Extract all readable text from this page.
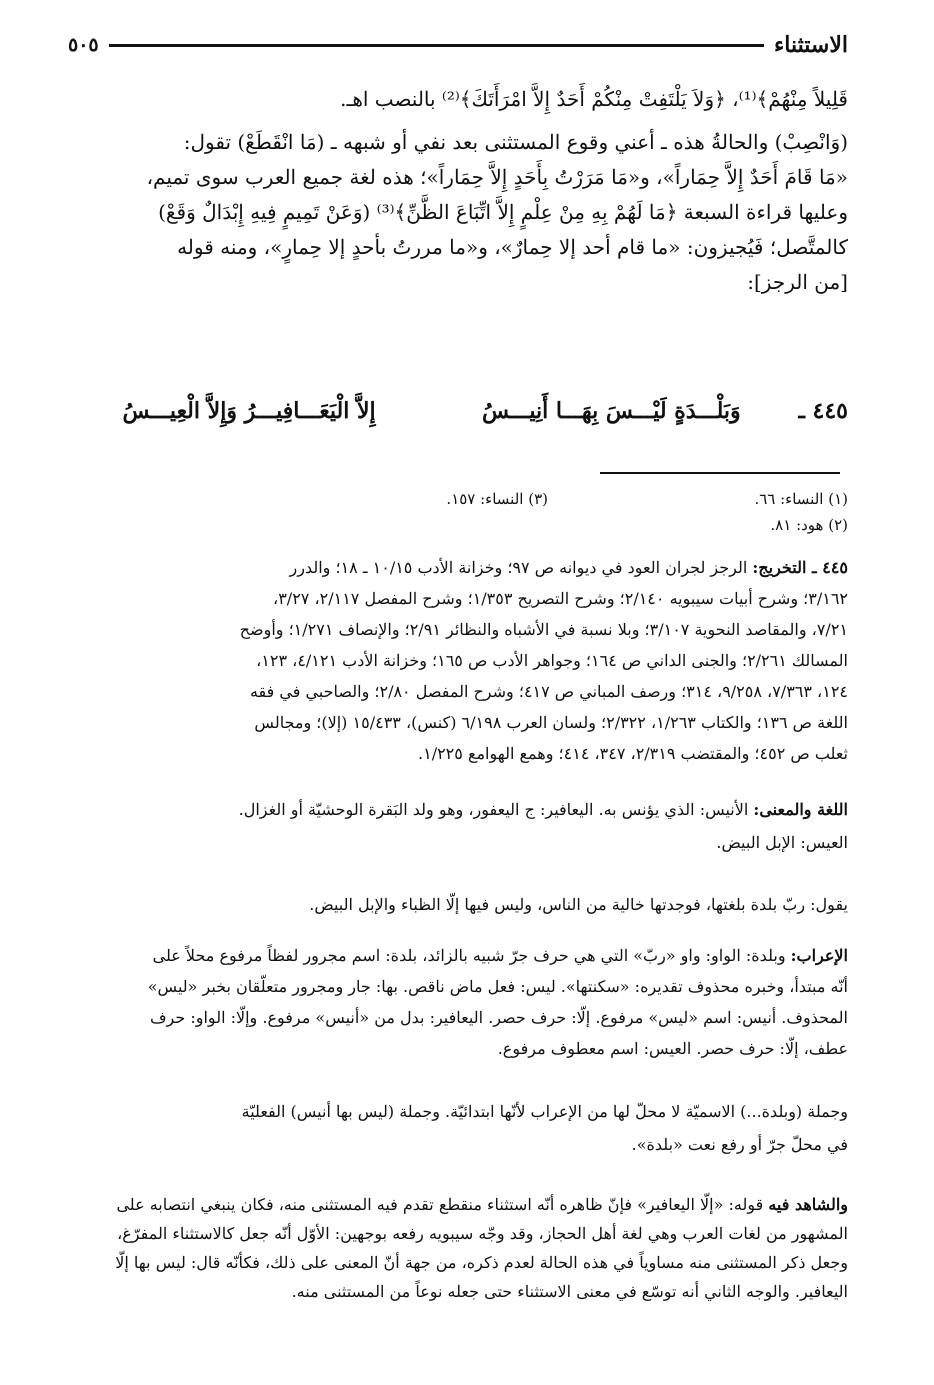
٥٠٥	الاستثناء
قَلِيلاً مِنْهُمْ﴾⁽¹⁾، ﴿وَلاَ يَلْتَفِتْ مِنْكُمْ أَحَدٌ إِلاَّ امْرَأَتَكَ﴾⁽²⁾ بالنصب اهـ.
(وَانْصِبْ) والحالةُ هذه ـ أعني وقوع المستثنى بعد نفي أو شبهه ـ (مَا انْقَطَعْ) تقول:
«مَا قَامَ أَحَدٌ إِلاَّ حِمَاراً»، و«مَا مَرَرْتُ بِأَحَدٍ إِلاَّ حِمَاراً»؛ هذه لغة جميع العرب سوى تميم،
وعليها قراءة السبعة ﴿مَا لَهُمْ بِهِ مِنْ عِلْمٍ إِلاَّ اتِّبَاعَ الظَّنِّ﴾⁽³⁾ (وَعَنْ تَمِيمٍ فِيهِ إِبْدَالٌ وَقَعْ)
كالمتَّصل؛ فَيُجيزون: «ما قام أحد إلا حِمارٌ»، و«ما مررتُ بأحدٍ إلا حِمارٍ»، ومنه قوله
[من الرجز]:
٤٤٥ ـ
وَبَلْـــدَةٍ لَيْـــسَ بِهَـــا أَنِيـــسُ
إِلاَّ الْيَعَـــافِيـــرُ وَإِلاَّ الْعِيـــسُ
(١) النساء: ٦٦.
(٣) النساء: ١٥٧.
(٢) هود: ٨١.
٤٤٥ ـ التخريج: الرجز لجران العود في ديوانه ص ٩٧؛ وخزانة الأدب ١٠/١٥ ـ ١٨؛ والدرر
٣/١٦٢؛ وشرح أبيات سيبويه ٢/١٤٠؛ وشرح التصريح ١/٣٥٣؛ وشرح المفصل ٢/١١٧، ٣/٢٧،
٧/٢١، والمقاصد النحوية ٣/١٠٧؛ وبلا نسبة في الأشباه والنظائر ٢/٩١؛ والإنصاف ١/٢٧١؛ وأوضح
المسالك ٢/٢٦١؛ والجنى الداني ص ١٦٤؛ وجواهر الأدب ص ١٦٥؛ وخزانة الأدب ٤/١٢١، ١٢٣،
١٢٤، ٧/٣٦٣، ٩/٢٥٨، ٣١٤؛ ورصف المباني ص ٤١٧؛ وشرح المفصل ٢/٨٠؛ والصاحبي في فقه
اللغة ص ١٣٦؛ والكتاب ١/٢٦٣، ٢/٣٢٢؛ ولسان العرب ٦/١٩٨ (كنس)، ١٥/٤٣٣ (إلا)؛ ومجالس
ثعلب ص ٤٥٢؛ والمقتضب ٢/٣١٩، ٣٤٧، ٤١٤؛ وهمع الهوامع ١/٢٢٥.
اللغة والمعنى: الأنيس: الذي يؤنس به. اليعافير: ج اليعفور، وهو ولد البَقرة الوحشيّة أو الغزال.
العيس: الإبل البيض.
يقول: ربّ بلدة بلغتها، فوجدتها خالية من الناس، وليس فيها إلّا الظباء والإبل البيض.
الإعراب: وبلدة: الواو: واو «ربّ» التي هي حرف جرّ شبيه بالزائد، بلدة: اسم مجرور لفظاً مرفوع محلاً على
أنّه مبتدأ، وخبره محذوف تقديره: «سكنتها». ليس: فعل ماض ناقص. بها: جار ومجرور متعلّقان بخبر «ليس»
المحذوف. أنيس: اسم «ليس» مرفوع. إلّا: حرف حصر. اليعافير: بدل من «أنيس» مرفوع. وإلّا: الواو: حرف
عطف، إلّا: حرف حصر. العيس: اسم معطوف مرفوع.
وجملة (وبلدة...) الاسميّة لا محلّ لها من الإعراب لأنّها ابتدائيّة. وجملة (ليس بها أنيس) الفعليّة
في محلّ جرّ أو رفع نعت «بلدة».
والشاهد فيه قوله: «إلّا اليعافير» فإنّ ظاهره أنّه استثناء منقطع تقدم فيه المستثنى منه، فكان ينبغي انتصابه على
المشهور من لغات العرب وهي لغة أهل الحجاز، وقد وجّه سيبويه رفعه بوجهين: الأوّل أنّه جعل كالاستثناء المفرّغ،
وجعل ذكر المستثنى منه مساوياً في هذه الحالة لعدم ذكره، من جهة أنّ المعنى على ذلك، فكأنّه قال: ليس بها إلّا
اليعافير. والوجه الثاني أنه توسّع في معنى الاستثناء حتى جعله نوعاً من المستثنى منه.
